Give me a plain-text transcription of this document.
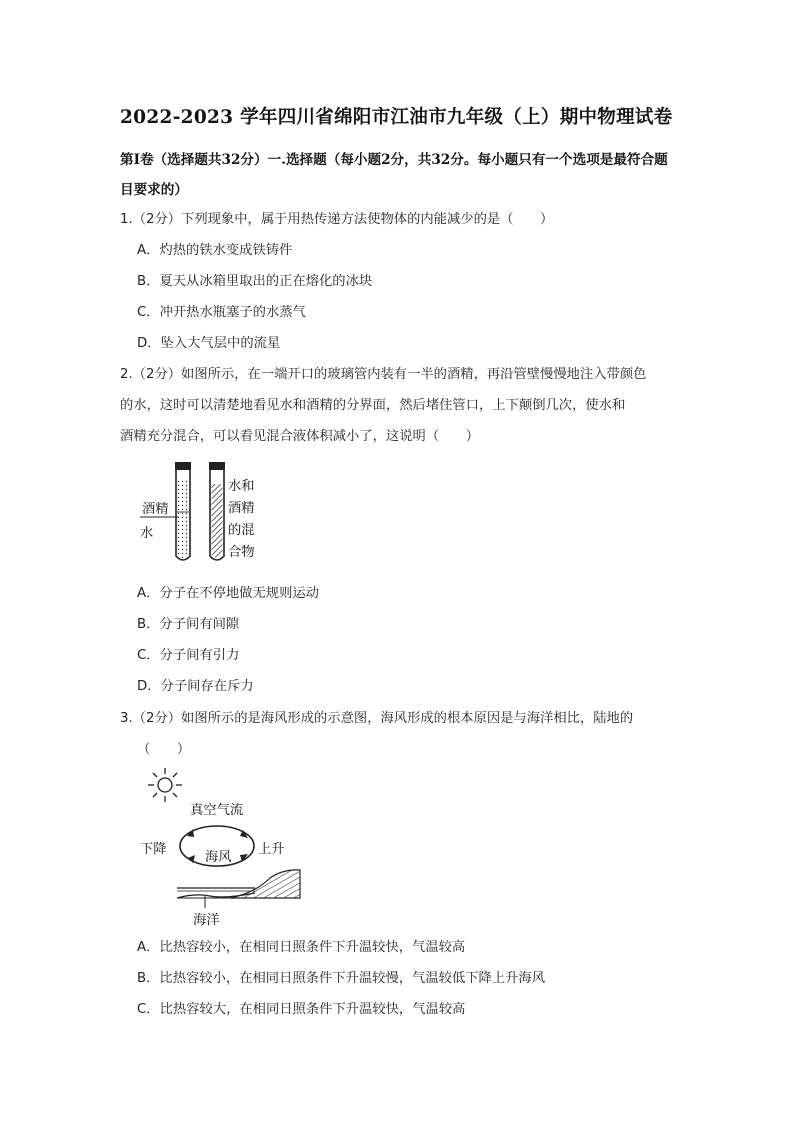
2022-2023 学年四川省绵阳市江油市九年级（上）期中物理试卷
第Ⅰ卷（选择题共32分）一.选择题（每小题2分，共32分。每小题只有一个选项是最符合题目要求的）
1.（2分）下列现象中，属于用热传递方法使物体的内能减少的是（　　）
A．灼热的铁水变成铁铸件
B．夏天从冰箱里取出的正在熔化的冰块
C．冲开热水瓶塞子的水蒸气
D．坠入大气层中的流星
2.（2分）如图所示，在一端开口的玻璃管内装有一半的酒精，再沿管壁慢慢地注入带颜色
的水，这时可以清楚地看见水和酒精的分界面，然后堵住管口，上下颠倒几次，使水和
酒精充分混合，可以看见混合液体积减小了，这说明（　　）
酒精
水
水和
酒精
的混
合物
A．分子在不停地做无规则运动
B．分子间有间隙
C．分子间有引力
D．分子间存在斥力
3.（2分）如图所示的是海风形成的示意图，海风形成的根本原因是与海洋相比，陆地的
（　　）
真空气流
下降	上升
海风
海洋
A．比热容较小，在相同日照条件下升温较快，气温较高
B．比热容较小，在相同日照条件下升温较慢，气温较低下降上升海风
C．比热容较大，在相同日照条件下升温较快，气温较高
